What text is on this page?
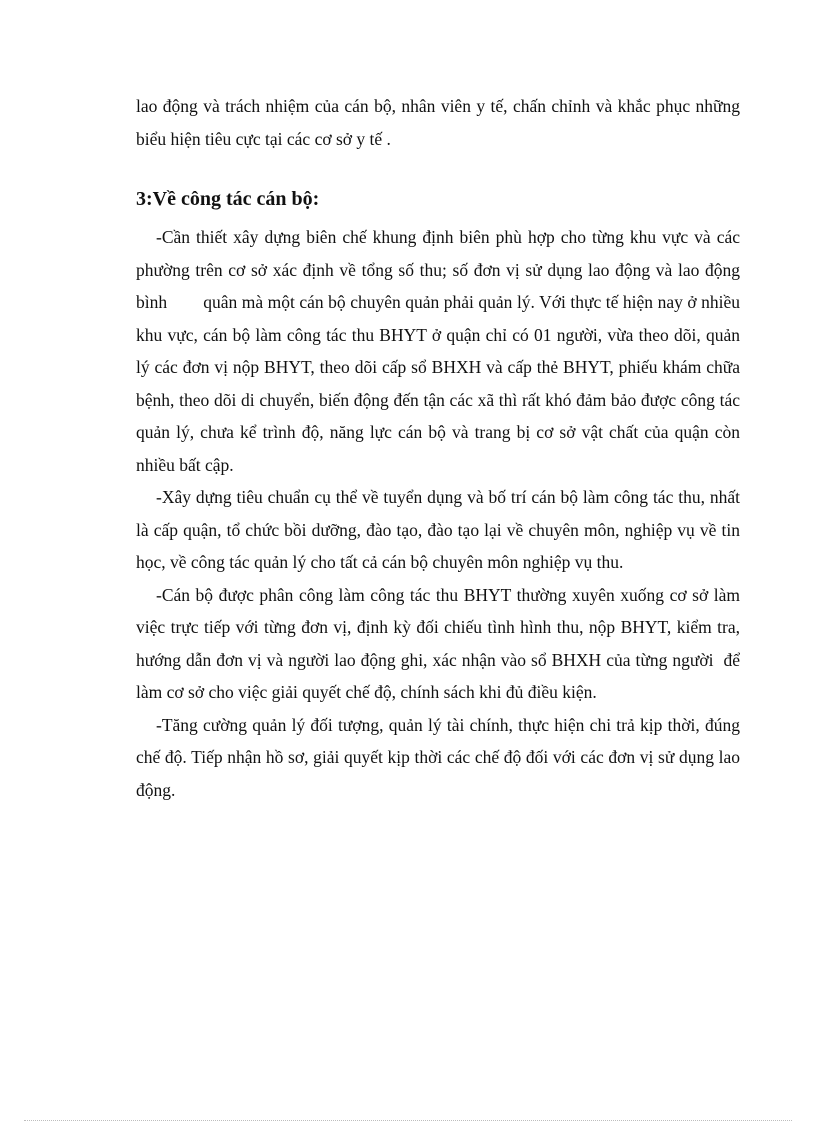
lao động và trách nhiệm của cán bộ, nhân viên y tế, chấn chỉnh và khắc phục những biểu hiện tiêu cực tại các cơ sở y tế .

3:Về công tác cán bộ:

-Cần thiết xây dựng biên chế khung định biên phù hợp cho từng khu vực và các phường trên cơ sở xác định về tổng số thu; số đơn vị sử dụng lao động và lao động bình        quân mà một cán bộ chuyên quản phải quản lý. Với thực tế hiện nay ở nhiều khu vực, cán bộ làm công tác thu BHYT ở quận chỉ có 01 người, vừa theo dõi, quản lý các đơn vị nộp BHYT, theo dõi cấp sổ BHXH và cấp thẻ BHYT, phiếu khám chữa bệnh, theo dõi di chuyển, biến động đến tận các xã thì rất khó đảm bảo được công tác quản lý, chưa kể trình độ, năng lực cán bộ và trang bị cơ sở vật chất của quận còn nhiều bất cập.

-Xây dựng tiêu chuẩn cụ thể về tuyển dụng và bố trí cán bộ làm công tác thu, nhất là cấp quận, tổ chức bồi dưỡng, đào tạo, đào tạo lại về chuyên môn, nghiệp vụ về tin học, về công tác quản lý cho tất cả cán bộ chuyên môn nghiệp vụ thu.

-Cán bộ được phân công làm công tác thu BHYT thường xuyên xuống cơ sở làm việc trực tiếp với từng đơn vị, định kỳ đối chiếu tình hình thu, nộp BHYT, kiểm tra, hướng dẫn đơn vị và người lao động ghi, xác nhận vào sổ BHXH của từng người  để làm cơ sở cho việc giải quyết chế độ, chính sách khi đủ điều kiện.

-Tăng cường quản lý đối tượng, quản lý tài chính, thực hiện chi trả kịp thời, đúng chế độ. Tiếp nhận hồ sơ, giải quyết kịp thời các chế độ đối với các đơn vị sử dụng lao động.
